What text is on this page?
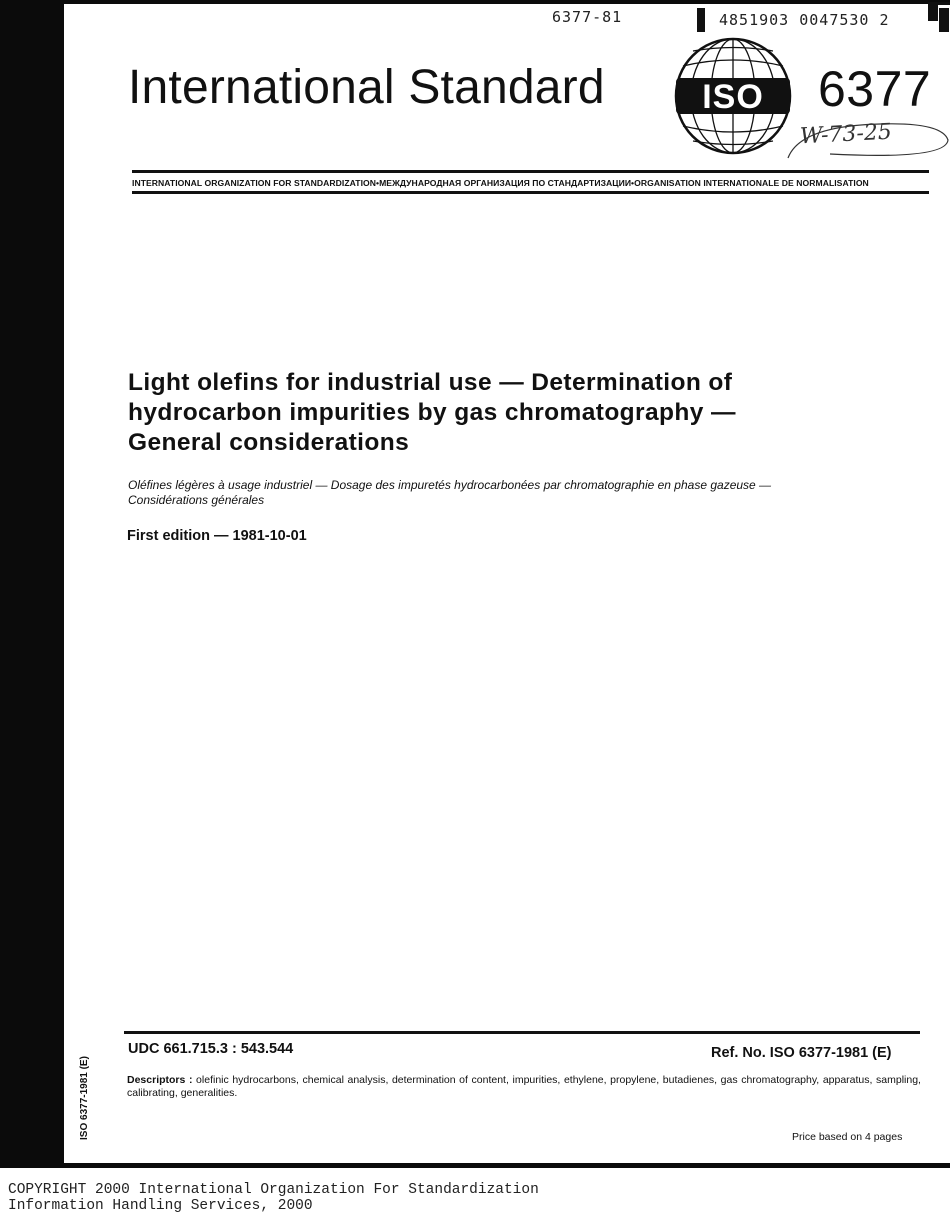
6377-81	4851903 0047530 2
International Standard	ISO 6377
W-73-25
INTERNATIONAL ORGANIZATION FOR STANDARDIZATION•МЕЖДУНАРОДНАЯ ОРГАНИЗАЦИЯ ПО СТАНДАРТИЗАЦИИ•ORGANISATION INTERNATIONALE DE NORMALISATION
Light olefins for industrial use — Determination of
hydrocarbon impurities by gas chromatography —
General considerations
Oléfines légères à usage industriel — Dosage des impuretés hydrocarbonées par chromatographie en phase gazeuse —
Considérations générales
First edition — 1981-10-01
UDC 661.715.3 : 543.544	Ref. No. ISO 6377-1981 (E)
Descriptors : olefinic hydrocarbons, chemical analysis, determination of content, impurities, ethylene, propylene, butadienes, gas chromatography, apparatus, sampling, calibrating, generalities.
Price based on 4 pages
ISO 6377-1981 (E)
COPYRIGHT 2000 International Organization For Standardization
Information Handling Services, 2000
